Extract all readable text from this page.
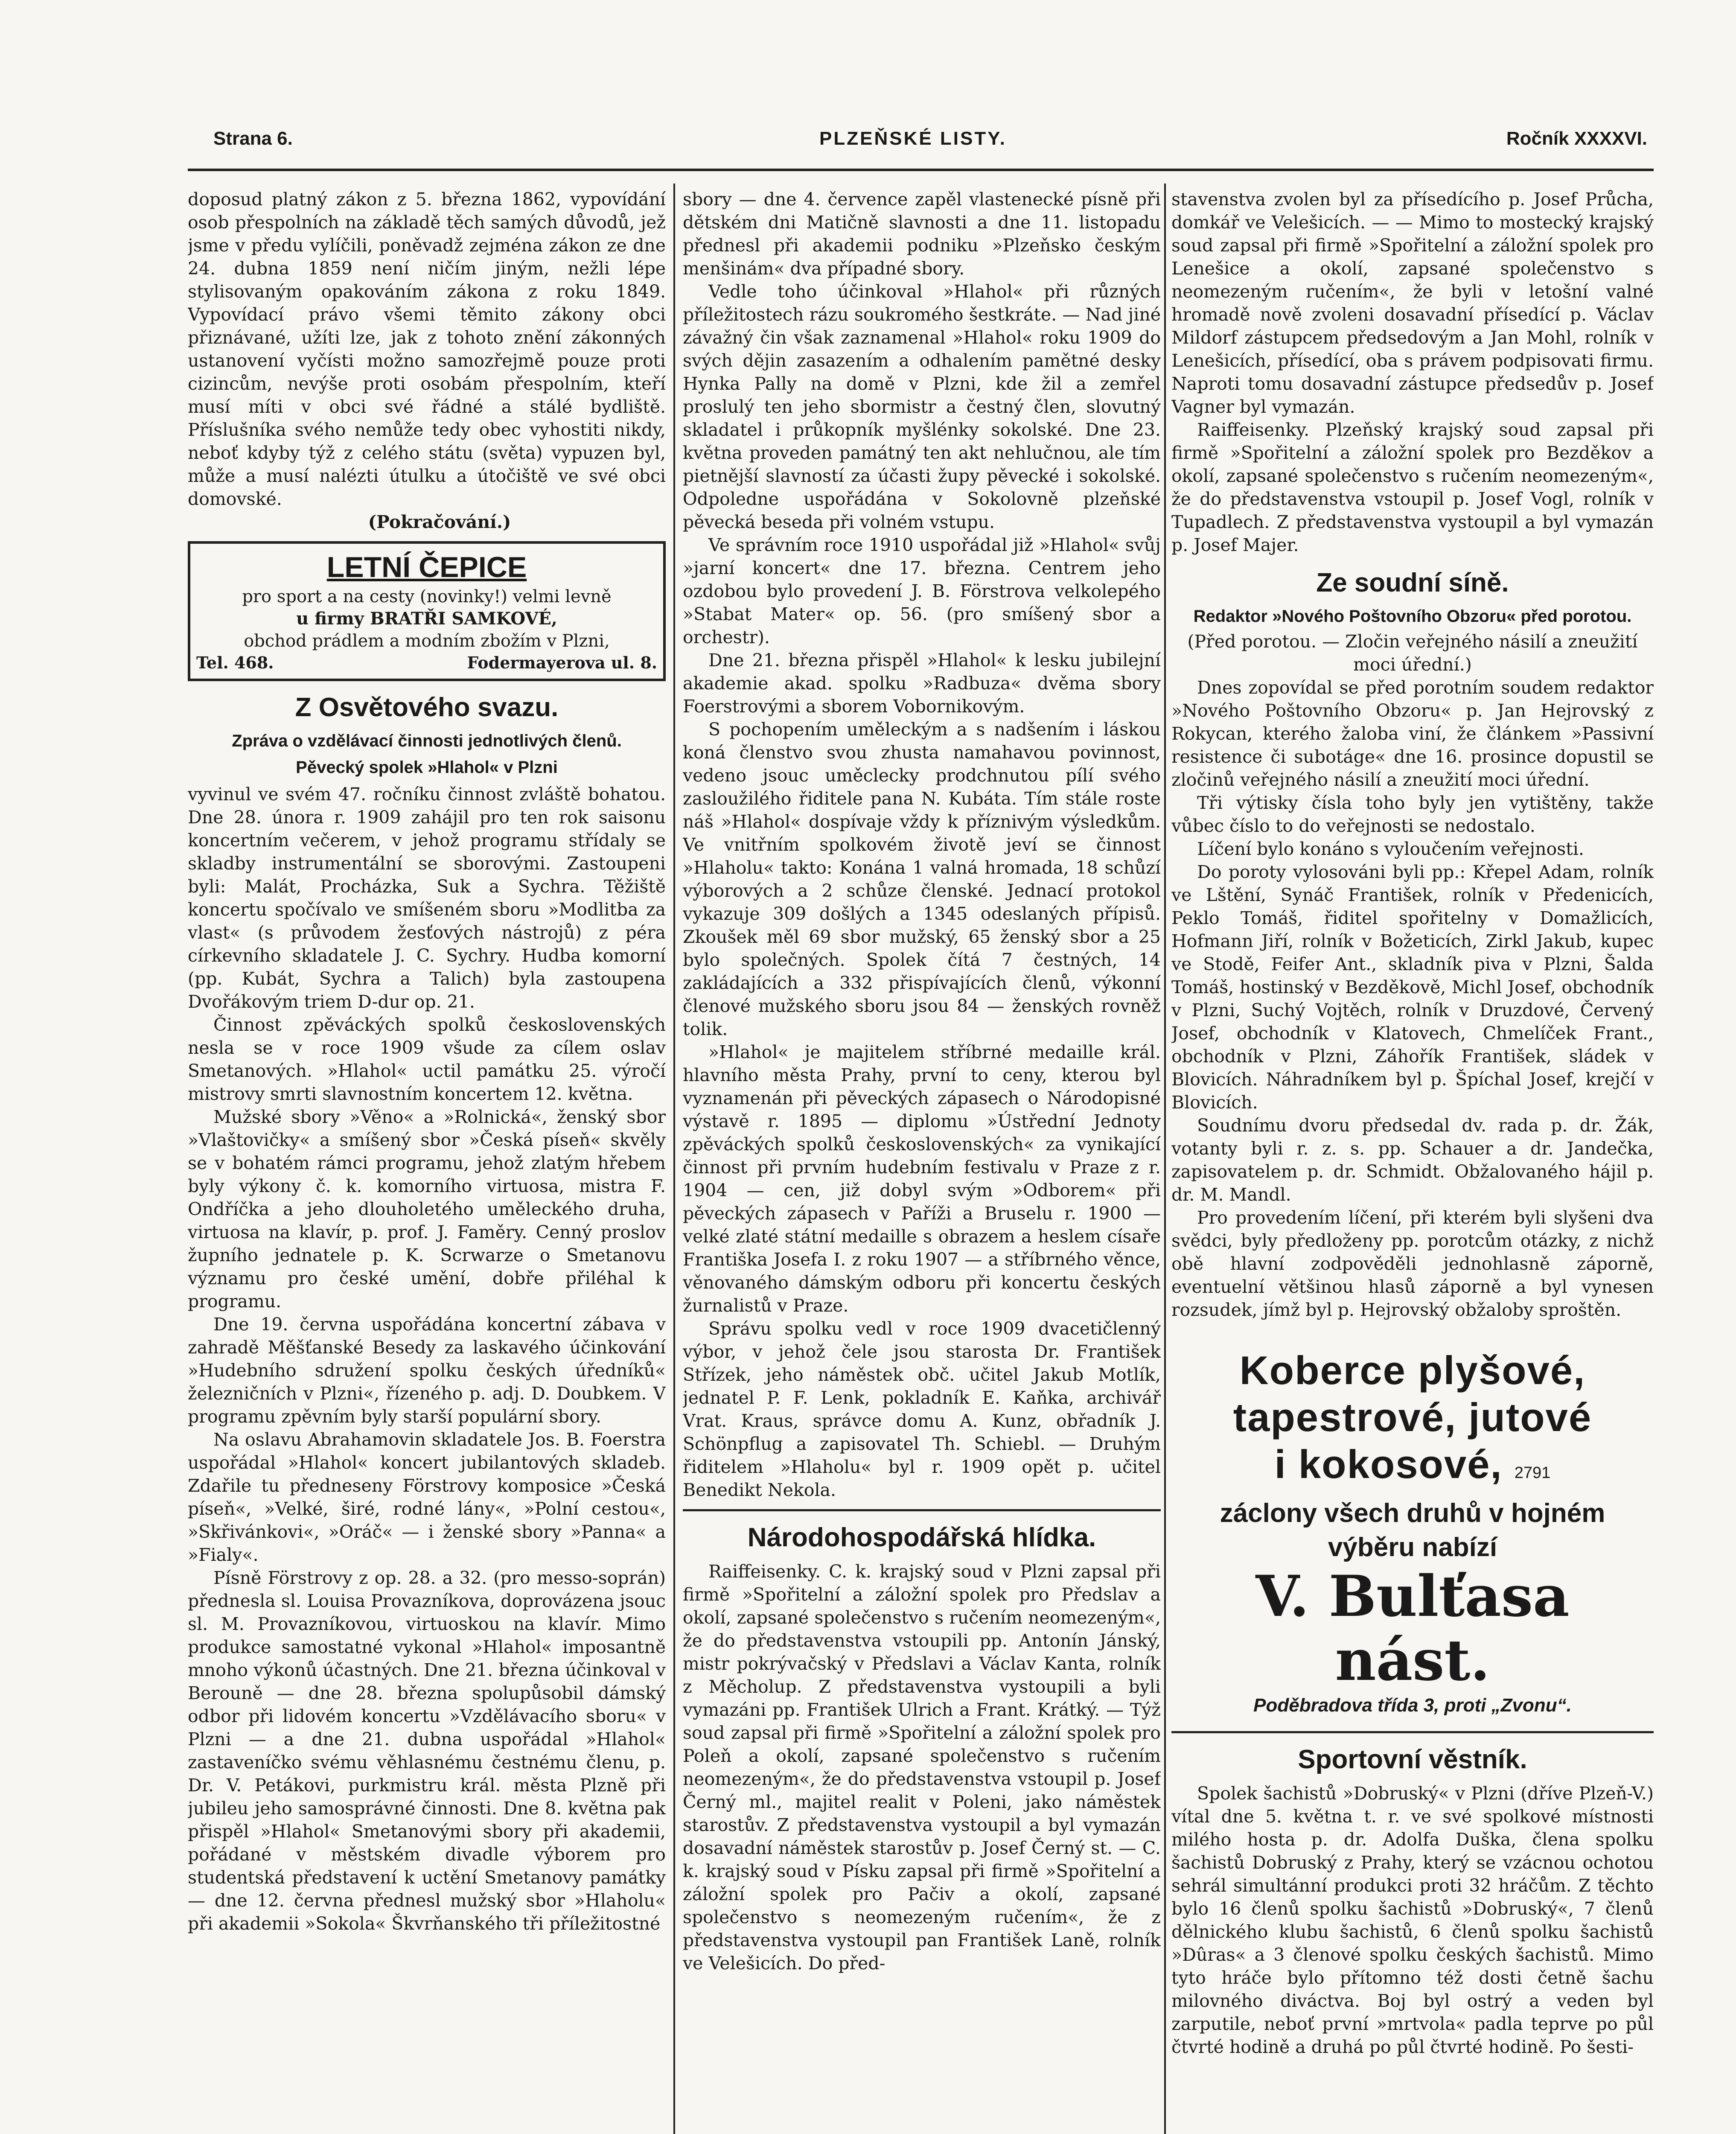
Strana 6.	PLZEŇSKÉ LISTY.	Ročník XXXXVI.

doposud platný zákon z 5. března 1862, vypovídání osob přespolních na základě těch samých důvodů, jež jsme v předu vylíčili, poněvadž zejména zákon ze dne 24. dubna 1859 není ničím jiným, nežli lépe stylisovaným opakováním zákona z roku 1849. Vypovídací právo všemi těmito zákony obci přiznávané, užíti lze, jak z tohoto znění zákonných ustanovení vyčísti možno samozřejmě pouze proti cizincům, nevýše proti osobám přespolním, kteří musí míti v obci své řádné a stálé bydliště. Příslušníka svého nemůže tedy obec vyhostiti nikdy, neboť kdyby týž z celého státu (světa) vypuzen byl, může a musí nalézti útulku a útočiště ve své obci domovské.

(Pokračování.)

LETNÍ ČEPICE
pro sport a na cesty (novinky!) velmi levně
u firmy BRATŘI SAMKOVÉ,
obchod prádlem a modním zbožím v Plzni,
Tel. 468.	Fodermayerova ul. 8.
Z Osvětového svazu.
Zpráva o vzdělávací činnosti jednotlivých členů.
Pěvecký spolek »Hlahol« v Plzni

vyvinul ve svém 47. ročníku činnost zvláště bohatou. Dne 28. února r. 1909 zahájil pro ten rok saisonu koncertním večerem, v jehož programu střídaly se skladby instrumentální se sborovými. Zastoupeni byli: Malát, Procházka, Suk a Sychra. Těžiště koncertu spočívalo ve smíšeném sboru »Modlitba za vlast« (s průvodem žesťových nástrojů) z péra církevního skladatele J. C. Sychry. Hudba komorní (pp. Kubát, Sychra a Talich) byla zastoupena Dvořákovým triem D-dur op. 21.

Činnost zpěváckých spolků československých nesla se v roce 1909 všude za cílem oslav Smetanových. »Hlahol« uctil památku 25. výročí mistrovy smrti slavnostním koncertem 12. května.

Mužské sbory »Věno« a »Rolnická«, ženský sbor »Vlaštovičky« a smíšený sbor »Česká píseň« skvěly se v bohatém rámci programu, jehož zlatým hřebem byly výkony č. k. komorního virtuosa, mistra F. Ondříčka a jeho dlouholetého uměleckého druha, virtuosa na klavír, p. prof. J. Faměry. Cenný proslov župního jednatele p. K. Scrwarze o Smetanovu významu pro české umění, dobře přiléhal k programu.

Dne 19. června uspořádána koncertní zábava v zahradě Měšťanské Besedy za laskavého účinkování »Hudebního sdružení spolku českých úředníků« železničních v Plzni«, řízeného p. adj. D. Doubkem. V programu zpěvním byly starší populární sbory.

Na oslavu Abrahamovin skladatele Jos. B. Foerstra uspořádal »Hlahol« koncert jubilantových skladeb. Zdařile tu předneseny Förstrovy komposice »Česká píseň«, »Velké, širé, rodné lány«, »Polní cestou«, »Skřivánkovi«, »Oráč« — i ženské sbory »Panna« a »Fialy«.

Písně Förstrovy z op. 28. a 32. (pro messo-soprán) přednesla sl. Louisa Provazníkova, doprovázena jsouc sl. M. Provazníkovou, virtuoskou na klavír. Mimo produkce samostatné vykonal »Hlahol« imposantně mnoho výkonů účastných. Dne 21. března účinkoval v Berouně — dne 28. března spolupůsobil dámský odbor při lidovém koncertu »Vzdělávacího sboru« v Plzni — a dne 21. dubna uspořádal »Hlahol« zastaveníčko svému věhlasnému čestnému členu, p. Dr. V. Petákovi, purkmistru král. města Plzně při jubileu jeho samosprávné činnosti. Dne 8. května pak přispěl »Hlahol« Smetanovými sbory při akademii, pořádané v městském divadle výborem pro studentská představení k uctění Smetanovy památky — dne 12. června přednesl mužský sbor »Hlaholu« při akademii »Sokola« Škvrňanského tři příležitostné

sbory — dne 4. července zapěl vlastenecké písně při dětském dni Matičně slavnosti a dne 11. listopadu přednesl při akademii podniku »Plzeňsko českým menšinám« dva případné sbory.

Vedle toho účinkoval »Hlahol« při různých příležitostech rázu soukromého šestkráte. — Nad jiné závažný čin však zaznamenal »Hlahol« roku 1909 do svých dějin zasazením a odhalením pamětné desky Hynka Pally na domě v Plzni, kde žil a zemřel proslulý ten jeho sbormistr a čestný člen, slovutný skladatel i průkopník myšlénky sokolské. Dne 23. května proveden památný ten akt nehlučnou, ale tím pietnější slavností za účasti župy pěvecké i sokolské. Odpoledne uspořádána v Sokolovně plzeňské pěvecká beseda při volném vstupu.

Ve správním roce 1910 uspořádal již »Hlahol« svůj »jarní koncert« dne 17. března. Centrem jeho ozdobou bylo provedení J. B. Förstrova velkolepého »Stabat Mater« op. 56. (pro smíšený sbor a orchestr).

Dne 21. března přispěl »Hlahol« k lesku jubilejní akademie akad. spolku »Radbuza« dvěma sbory Foerstrovými a sborem Vobornikovým.

S pochopením uměleckým a s nadšením i láskou koná členstvo svou zhusta namahavou povinnost, vedeno jsouc uměclecky prodchnutou pílí svého zasloužilého řiditele pana N. Kubáta. Tím stále roste náš »Hlahol« dospívaje vždy k příznivým výsledkům. Ve vnitřním spolkovém životě jeví se činnost »Hlaholu« takto: Konána 1 valná hromada, 18 schůzí výborových a 2 schůze členské. Jednací protokol vykazuje 309 došlých a 1345 odeslaných přípisů. Zkoušek měl 69 sbor mužský, 65 ženský sbor a 25 bylo společných. Spolek čítá 7 čestných, 14 zakládajících a 332 přispívajících členů, výkonní členové mužského sboru jsou 84 — ženských rovněž tolik.

»Hlahol« je majitelem stříbrné medaille král. hlavního města Prahy, první to ceny, kterou byl vyznamenán při pěveckých zápasech o Národopisné výstavě r. 1895 — diplomu »Ústřední Jednoty zpěváckých spolků československých« za vynikající činnost při prvním hudebním festivalu v Praze z r. 1904 — cen, již dobyl svým »Odborem« při pěveckých zápasech v Paříži a Bruselu r. 1900 — velké zlaté státní medaille s obrazem a heslem císaře Františka Josefa I. z roku 1907 — a stříbrného věnce, věnovaného dámským odboru při koncertu českých žurnalistů v Praze.

Správu spolku vedl v roce 1909 dvacetičlenný výbor, v jehož čele jsou starosta Dr. František Střízek, jeho náměstek obč. učitel Jakub Motlík, jednatel P. F. Lenk, pokladník E. Kaňka, archivář Vrat. Kraus, správce domu A. Kunz, obřadník J. Schönpflug a zapisovatel Th. Schiebl. — Druhým řiditelem »Hlaholu« byl r. 1909 opět p. učitel Benedikt Nekola.

Národohospodářská hlídka.

Raiffeisenky. C. k. krajský soud v Plzni zapsal při firmě »Spořitelní a záložní spolek pro Předslav a okolí, zapsané společenstvo s ručením neomezeným«, že do představenstva vstoupili pp. Antonín Jánský, mistr pokrývačský v Předslavi a Václav Kanta, rolník z Měcholup. Z představenstva vystoupili a byli vymazáni pp. František Ulrich a Frant. Krátký. — Týž soud zapsal při firmě »Spořitelní a záložní spolek pro Poleň a okolí, zapsané společenstvo s ručením neomezeným«, že do představenstva vstoupil p. Josef Černý ml., majitel realit v Poleni, jako náměstek starostův. Z představenstva vystoupil a byl vymazán dosavadní náměstek starostův p. Josef Černý st. — C. k. krajský soud v Písku zapsal při firmě »Spořitelní a záložní spolek pro Pačiv a okolí, zapsané společenstvo s neomezeným ručením«, že z představenstva vystoupil pan František Laně, rolník ve Velešicích. Do před-

stavenstva zvolen byl za přísedícího p. Josef Průcha, domkář ve Velešicích. — — Mimo to mostecký krajský soud zapsal při firmě »Spořitelní a záložní spolek pro Lenešice a okolí, zapsané společenstvo s neomezeným ručením«, že byli v letošní valné hromadě nově zvoleni dosavadní přísedící p. Václav Mildorf zástupcem předsedovým a Jan Mohl, rolník v Lenešicích, přísedící, oba s právem podpisovati firmu. Naproti tomu dosavadní zástupce předsedův p. Josef Vagner byl vymazán.

Raiffeisenky. Plzeňský krajský soud zapsal při firmě »Spořitelní a záložní spolek pro Bezděkov a okolí, zapsané společenstvo s ručením neomezeným«, že do představenstva vstoupil p. Josef Vogl, rolník v Tupadlech. Z představenstva vystoupil a byl vymazán p. Josef Majer.

Ze soudní síně.
Redaktor »Nového Poštovního Obzoru« před porotou.

(Před porotou. — Zločin veřejného násilí a zneužití moci úřední.)

Dnes zopovídal se před porotním soudem redaktor »Nového Poštovního Obzoru« p. Jan Hejrovský z Rokycan, kterého žaloba viní, že článkem »Passivní resistence či subotáge« dne 16. prosince dopustil se zločinů veřejného násilí a zneužití moci úřední.

Tři výtisky čísla toho byly jen vytištěny, takže vůbec číslo to do veřejnosti se nedostalo.

Líčení bylo konáno s vyloučením veřejnosti.

Do poroty vylosováni byli pp.: Křepel Adam, rolník ve Lštění, Synáč František, rolník v Předenicích, Peklo Tomáš, řiditel spořitelny v Domažlicích, Hofmann Jiří, rolník v Božeticích, Zirkl Jakub, kupec ve Stodě, Feifer Ant., skladník piva v Plzni, Šalda Tomáš, hostinský v Bezděkově, Michl Josef, obchodník v Plzni, Suchý Vojtěch, rolník v Druzdové, Červený Josef, obchodník v Klatovech, Chmelíček Frant., obchodník v Plzni, Záhořík František, sládek v Blovicích. Náhradníkem byl p. Špíchal Josef, krejčí v Blovicích.

Soudnímu dvoru předsedal dv. rada p. dr. Žák, votanty byli r. z. s. pp. Schauer a dr. Jandečka, zapisovatelem p. dr. Schmidt. Obžalovaného hájil p. dr. M. Mandl.

Pro provedením líčení, při kterém byli slyšeni dva svědci, byly předloženy pp. porotcům otázky, z nichž obě hlavní zodpověděli jednohlasně záporně, eventuelní většinou hlasů záporně a byl vynesen rozsudek, jímž byl p. Hejrovský obžaloby sproštěn.

Koberce plyšové,
tapestrové, jutové
i kokosové, 2791
záclony všech druhů v hojném
výběru nabízí
V. Bulťasa nást.
Poděbradova třída 3, proti „Zvonu“.
Sportovní věstník.

Spolek šachistů »Dobruský« v Plzni (dříve Plzeň-V.) vítal dne 5. května t. r. ve své spolkové místnosti milého hosta p. dr. Adolfa Duška, člena spolku šachistů Dobruský z Prahy, který se vzácnou ochotou sehrál simultánní produkci proti 32 hráčům. Z těchto bylo 16 členů spolku šachistů »Dobruský«, 7 členů dělnického klubu šachistů, 6 členů spolku šachistů »Dûras« a 3 členové spolku českých šachistů. Mimo tyto hráče bylo přítomno též dosti četně šachu milovného diváctva. Boj byl ostrý a veden byl zarputile, neboť první »mrtvola« padla teprve po půl čtvrté hodině a druhá po půl čtvrté hodině. Po šesti-
